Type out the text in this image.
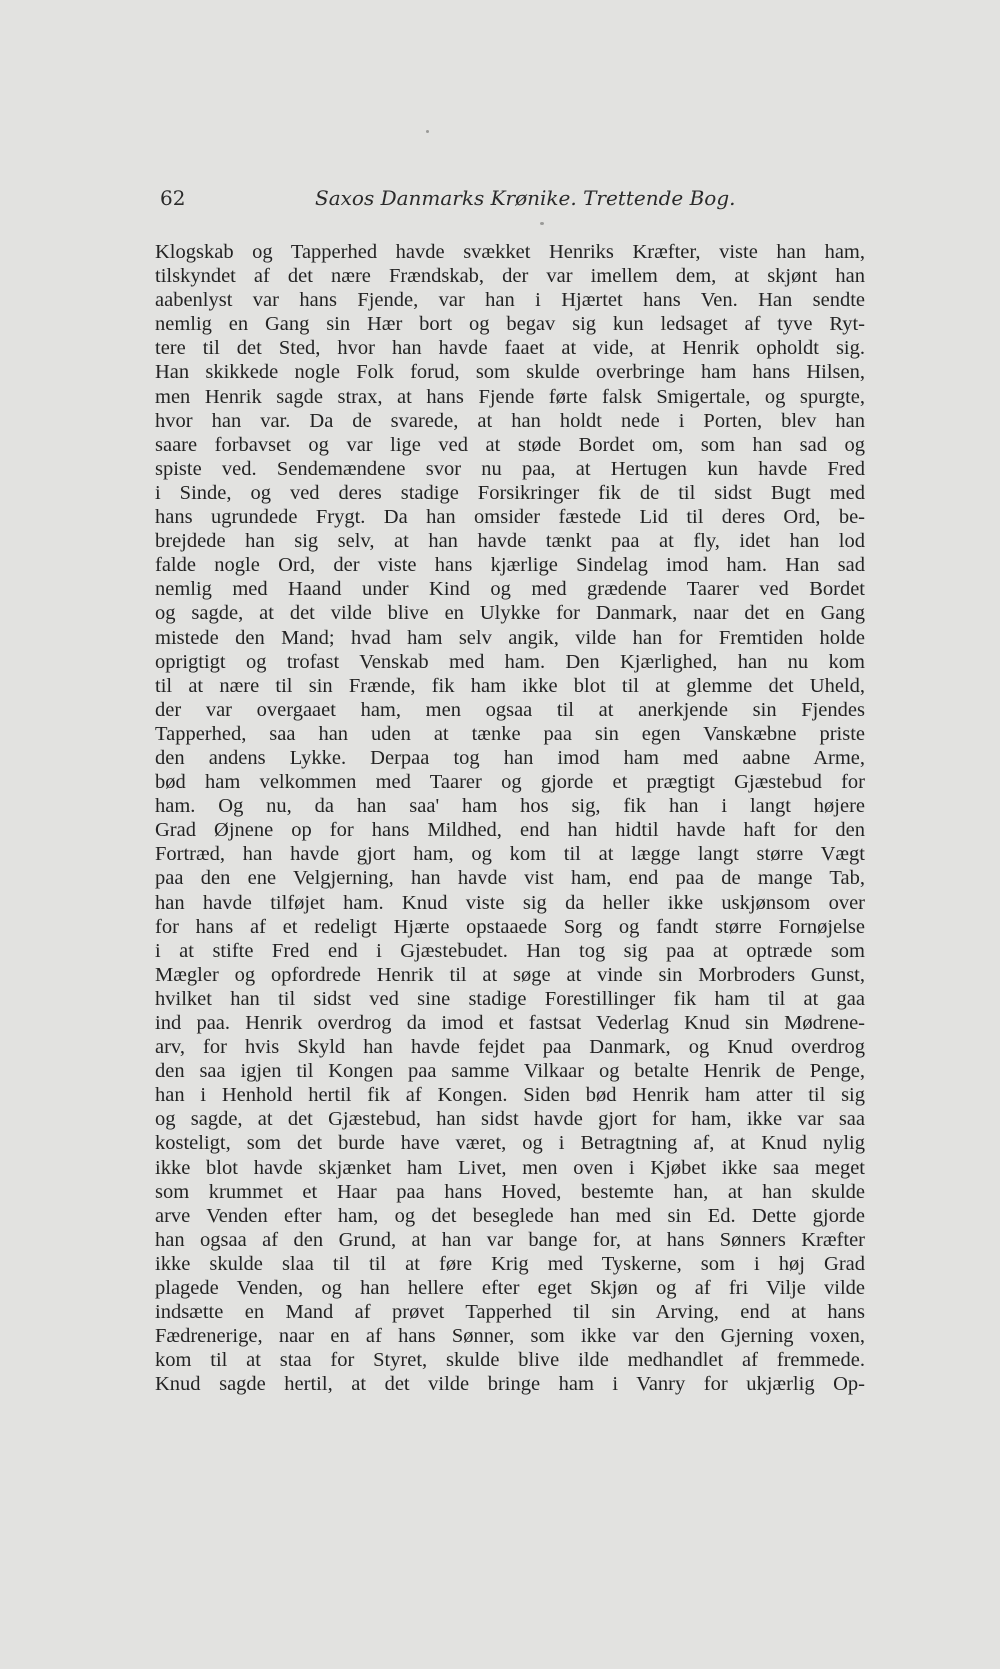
62	Saxos Danmarks Krønike. Trettende Bog.
Klogskab og Tapperhed havde svækket Henriks Kræfter, viste han ham,
tilskyndet af det nære Frændskab, der var imellem dem, at skjønt han
aabenlyst var hans Fjende, var han i Hjærtet hans Ven. Han sendte
nemlig en Gang sin Hær bort og begav sig kun ledsaget af tyve Ryt-
tere til det Sted, hvor han havde faaet at vide, at Henrik opholdt sig.
Han skikkede nogle Folk forud, som skulde overbringe ham hans Hilsen,
men Henrik sagde strax, at hans Fjende førte falsk Smigertale, og spurgte,
hvor han var. Da de svarede, at han holdt nede i Porten, blev han
saare forbavset og var lige ved at støde Bordet om, som han sad og
spiste ved. Sendemændene svor nu paa, at Hertugen kun havde Fred
i Sinde, og ved deres stadige Forsikringer fik de til sidst Bugt med
hans ugrundede Frygt. Da han omsider fæstede Lid til deres Ord, be-
brejdede han sig selv, at han havde tænkt paa at fly, idet han lod
falde nogle Ord, der viste hans kjærlige Sindelag imod ham. Han sad
nemlig med Haand under Kind og med grædende Taarer ved Bordet
og sagde, at det vilde blive en Ulykke for Danmark, naar det en Gang
mistede den Mand; hvad ham selv angik, vilde han for Fremtiden holde
oprigtigt og trofast Venskab med ham. Den Kjærlighed, han nu kom
til at nære til sin Frænde, fik ham ikke blot til at glemme det Uheld,
der var overgaaet ham, men ogsaa til at anerkjende sin Fjendes
Tapperhed, saa han uden at tænke paa sin egen Vanskæbne priste
den andens Lykke. Derpaa tog han imod ham med aabne Arme,
bød ham velkommen med Taarer og gjorde et prægtigt Gjæstebud for
ham. Og nu, da han saa' ham hos sig, fik han i langt højere
Grad Øjnene op for hans Mildhed, end han hidtil havde haft for den
Fortræd, han havde gjort ham, og kom til at lægge langt større Vægt
paa den ene Velgjerning, han havde vist ham, end paa de mange Tab,
han havde tilføjet ham. Knud viste sig da heller ikke uskjønsom over
for hans af et redeligt Hjærte opstaaede Sorg og fandt større Fornøjelse
i at stifte Fred end i Gjæstebudet. Han tog sig paa at optræde som
Mægler og opfordrede Henrik til at søge at vinde sin Morbroders Gunst,
hvilket han til sidst ved sine stadige Forestillinger fik ham til at gaa
ind paa. Henrik overdrog da imod et fastsat Vederlag Knud sin Mødrene-
arv, for hvis Skyld han havde fejdet paa Danmark, og Knud overdrog
den saa igjen til Kongen paa samme Vilkaar og betalte Henrik de Penge,
han i Henhold hertil fik af Kongen. Siden bød Henrik ham atter til sig
og sagde, at det Gjæstebud, han sidst havde gjort for ham, ikke var saa
kosteligt, som det burde have været, og i Betragtning af, at Knud nylig
ikke blot havde skjænket ham Livet, men oven i Kjøbet ikke saa meget
som krummet et Haar paa hans Hoved, bestemte han, at han skulde
arve Venden efter ham, og det beseglede han med sin Ed. Dette gjorde
han ogsaa af den Grund, at han var bange for, at hans Sønners Kræfter
ikke skulde slaa til til at føre Krig med Tyskerne, som i høj Grad
plagede Venden, og han hellere efter eget Skjøn og af fri Vilje vilde
indsætte en Mand af prøvet Tapperhed til sin Arving, end at hans
Fædrenerige, naar en af hans Sønner, som ikke var den Gjerning voxen,
kom til at staa for Styret, skulde blive ilde medhandlet af fremmede.
Knud sagde hertil, at det vilde bringe ham i Vanry for ukjærlig Op-
